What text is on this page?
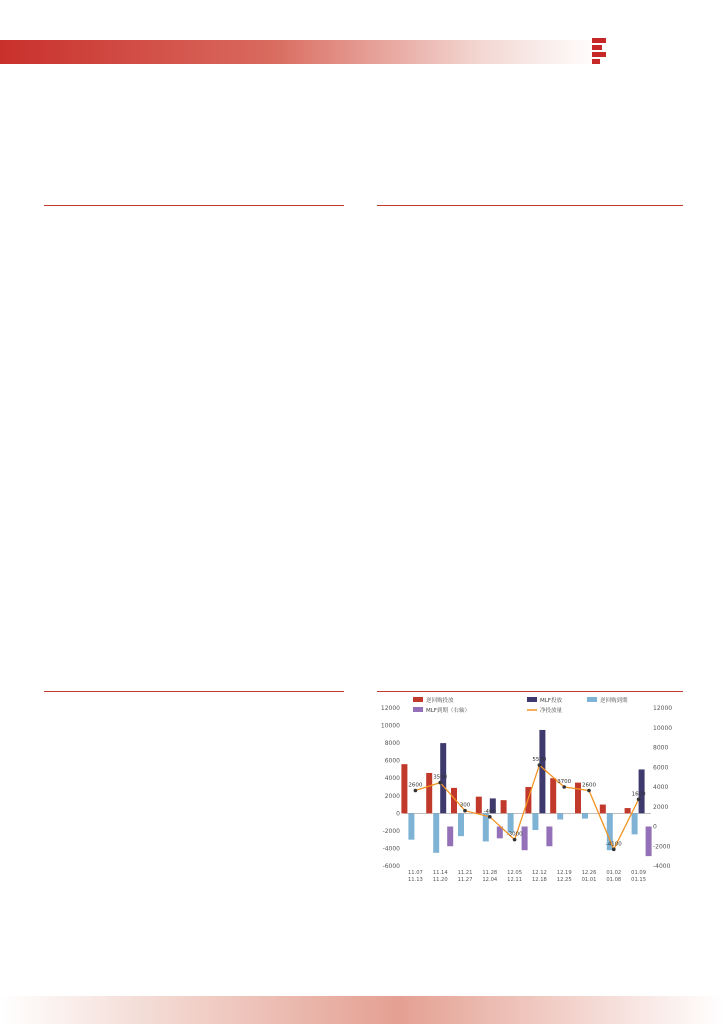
12000
10000
8000
6000
4000
2000
0
-2000
-4000
-6000
12000
10000
8000
6000
4000
2000
0
-2000
-4000
2600
3500
300
-400
-3000
5500
3700
2600
-4100
1600
11.07
11.13
11.14
11.20
11.21
11.27
11.28
12.04
12.05
12.11
12.12
12.18
12.19
12.25
12.26
01.01
01.02
01.08
01.09
01.15
逆回购投放	MLF投放
MLF到期（右轴）	净投放量
逆回购到期
